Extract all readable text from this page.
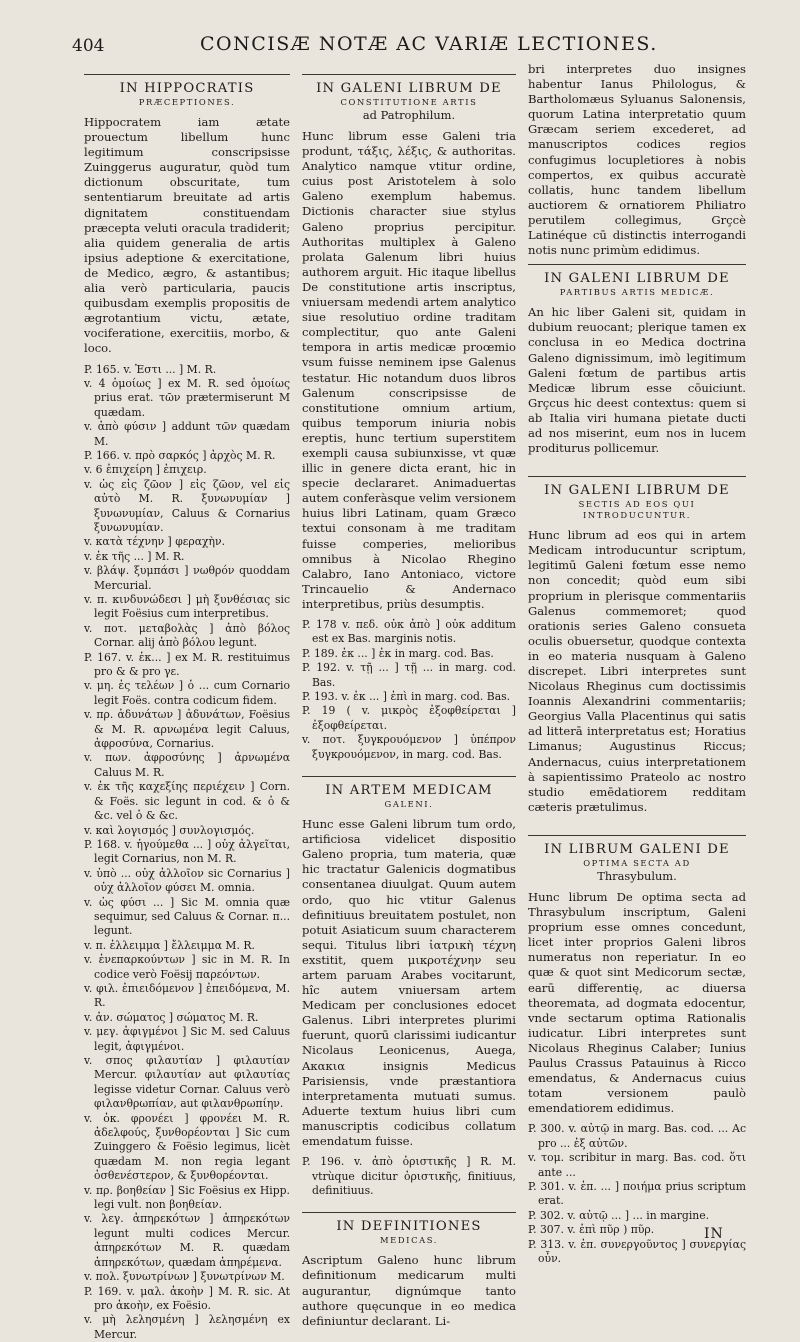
404	CONCISÆ NOTÆ AC VARIÆ LECTIONES.
IN HIPPOCRATIS
PRÆCEPTIONES.

Hippocratem iam ætate prouectum libellum hunc legitimum conscripsisse Zuinggerus auguratur, quòd tum dictionum obscuritate, tum sententiarum breuitate ad artis dignitatem constituendam præcepta veluti oracula tradiderit; alia quidem generalia de artis ipsius adeptione & exercitatione, de Medico, ægro, & astantibus; alia verò particularia, paucis quibusdam exemplis propositis de ægrotantium victu, ætate, vociferatione, exercitiis, morbo, & loco.

P. 165. v. Ἐστι ... ] M. R.

v. 4 ὁμοίως ] ex M. R. sed ὁμοίως prius erat. τῶν prætermiserunt M quædam.

v. ἀπὸ φύσιν ] addunt τῶν quædam M.

P. 166. v. πρὸ σαρκός ] ἀρχὸς M. R.

v. 6 ἐπιχείρη ] ἐπιχειρ.

v. ὡς εἰς ζῶον ] εἰς ζῶον, vel εἰς αὐτὸ M. R. ξυνωνυμίαν ] ξυνωνυμίαν, Caluus & Cornarius ξυνωνυμίαν.

v. κατὰ τέχνην ] φεραχὴν.

v. ἐκ τῆς ... ] M. R.

v. βλάψ. ξυμπάσι ] νωθρόν quoddam Mercurial.

v. π. κινδυνώδεσι ] μὴ ξυνθέσιας sic legit Foësius cum interpretibus.

v. ποτ. μεταβολὰς ] ἀπὸ βόλος Cornar. alij ἀπὸ βόλου legunt.

P. 167. v. ἐκ... ] ex M. R. restituimus pro & & pro γε.

v. μη. ἐς τελέων ] ὁ ... cum Cornario legit Foës. contra codicum fidem.

v. πρ. ἀδυνάτων ] ἀδυνάτων, Foësius & M. R. αρνωμένα legit Caluus, ἀφροσύνα, Cornarius.

v. πων. ἀφροσύνης ] ἀρνωμένα Caluus M. R.

v. ἐκ τῆς καχεξίης περιέχειν ] Corn. & Foës. sic legunt in cod. & ὁ & &c. vel ὁ & &c.

v. καὶ λογισμός ] συνλογισμός.

P. 168. v. ἡγούμεθα ... ] οὐχ ἀλγεῖται, legit Cornarius, non M. R.

v. ὑπὸ ... οὐχ ἀλλοῖον sic Cornarius ] οὐχ ἀλλοῖον φύσει M. omnia.

v. ὡς φύσι ... ] Sic M. omnia quæ sequimur, sed Caluus & Cornar. π... legunt.

v. π. ἐλλειμμα ] ἔλλειμμα M. R.

v. ἐνεπαρκούντων ] sic in M. R. In codice verò Foësij παρεόντων.

v. φιλ. ἐπιειδόμενον ] ἐπειδόμενα, M. R.

v. ἀν. σώματος ] σώματος M. R.

v. μεγ. ἀφιγμένοι ] Sic M. sed Caluus legit, ἀφιγμένοι.

v. σπος φιλαυτίαν ] φιλαυτίαν Mercur. φιλαυτίαν aut φιλαυτίας legisse videtur Cornar. Caluus verò φιλανθρωπίαν, aut φιλανθρωπίην.

v. ὁκ. φρονέει ] φρονέει M. R. ἀδελφούς, ξυνθορέονται ] Sic cum Zuinggero & Foësio legimus, licèt quædam M. non regia legant ὀσθενέστερον, & ξυνθορέονται.

v. πρ. βοηθείαν ] Sic Foësius ex Hipp. legi vult. non βοηθείαν.

v. λεγ. ἀπηρεκότων ] ἀπηρεκότων legunt multi codices Mercur. ἀπηρεκότων M. R. quædam ἀπηρεκότων, quædam ἀπηρέμενα.

v. πολ. ξυνωτρίνων ] ξυνωτρίνων M.

P. 169. v. μαλ. ἀκοὴν ] M. R. sic. At pro ἀκοὴν, ex Foësio.

v. μὴ λελησμένη ] λελησμένη ex Mercur.

IN GALENI LIBRUM DE
CONSTITUTIONE ARTIS
ad Patrophilum.

Hunc librum esse Galeni tria produnt, τάξις, λέξις, & authoritas. Analytico namque vtitur ordine, cuius post Aristotelem à solo Galeno exemplum habemus. Dictionis character siue stylus Galeno proprius percipitur. Authoritas multiplex à Galeno prolata Galenum libri huius authorem arguit. Hic itaque libellus De constitutione artis inscriptus, vniuersam medendi artem analytico siue resolutiuo ordine traditam complectitur, quo ante Galeni tempora in artis medicæ proœmio vsum fuisse neminem ipse Galenus testatur. Hic notandum duos libros Galenum conscripsisse de constitutione omnium artium, quibus temporum iniuria nobis ereptis, hunc tertium superstitem exempli causa subiunxisse, vt quæ illic in genere dicta erant, hic in specie declararet. Animaduertas autem conferàsque velim versionem huius libri Latinam, quam Græco textui consonam à me traditam fuisse comperies, melioribus omnibus à Nicolao Rhegino Calabro, Iano Antoniaco, victore Trincauelio & Andernaco interpretibus, priùs desumptis.

P. 178 v. πεδ. οὐκ ἀπὸ ] οὐκ additum est ex Bas. marginis notis.

P. 189. ἐκ ... ] ἐκ in marg. cod. Bas.

P. 192. v. τῇ ... ] τῇ ... in marg. cod. Bas.

P. 193. v. ἐκ ... ] ἐπὶ in marg. cod. Bas.

P. 19 ( v. μικρὸς ἐξοφθείρεται ] ἐξοφθείρεται.

v. ποτ. ξυγκρουόμενον ] ὑπέπρον ξυγκρουόμενον, in marg. cod. Bas.

IN ARTEM MEDICAM
GALENI.

Hunc esse Galeni librum tum ordo, artificiosa videlicet dispositio Galeno propria, tum materia, quæ hic tractatur Galenicis dogmatibus consentanea diuulgat. Quum autem ordo, quo hic vtitur Galenus definitiuus breuitatem postulet, non potuit Asiaticum suum characterem sequi. Titulus libri ἰατρικὴ τέχνη exstitit, quem μικροτέχνην seu artem paruam Arabes vocitarunt, hîc autem vniuersam artem Medicam per conclusiones edocet Galenus. Libri interpretes plurimi fuerunt, quorū clarissimi iudicantur Nicolaus Leonicenus, Auega, Ακακια insignis Medicus Parisiensis, vnde præstantiora interpretamenta mutuati sumus. Aduerte textum huius libri cum manuscriptis codicibus collatum emendatum fuisse.

P. 196. v. ἀπὸ ὁριστικῆς ] R. M. vtrùque dicitur ὁριστικῆς, finitiuus, definitiuus.

IN DEFINITIONES
MEDICAS.

Ascriptum Galeno hunc librum definitionum medicarum multi augurantur, dignúmque tanto authore quęcunque in eo medica definiuntur declarant. Li-

bri interpretes duo insignes habentur Ianus Philologus, & Bartholomæus Syluanus Salonensis, quorum Latina interpretatio quum Græcam seriem excederet, ad manuscriptos codices regios confugimus locupletiores à nobis compertos, ex quibus accuratè collatis, hunc tandem libellum auctiorem & ornatiorem Philiatro perutilem collegimus, Grçcè Latinéque cū distinctis interrogandi notis nunc primùm edidimus.

IN GALENI LIBRUM DE
PARTIBUS ARTIS MEDICÆ.

An hic liber Galeni sit, quidam in dubium reuocant; plerique tamen ex conclusa in eo Medica doctrina Galeno dignissimum, imò legitimum Galeni fœtum de partibus artis Medicæ librum esse cōuiciunt. Grçcus hic deest contextus: quem si ab Italia viri humana pietate ducti ad nos miserint, eum nos in lucem proditurus pollicemur.

IN GALENI LIBRUM DE
SECTIS AD EOS QUI INTRODUCUNTUR.

Hunc librum ad eos qui in artem Medicam introducuntur scriptum, legitimū Galeni fœtum esse nemo non concedit; quòd eum sibi proprium in plerisque commentariis Galenus commemoret; quod orationis series Galeno consueta oculis obuersetur, quodque contexta in eo materia nusquam à Galeno discrepet. Libri interpretes sunt Nicolaus Rheginus cum doctissimis Ioannis Alexandrini commentariis; Georgius Valla Placentinus qui satis ad litterā interpretatus est; Horatius Limanus; Augustinus Riccus; Andernacus, cuius interpretationem à sapientissimo Prateolo ac nostro studio emēdatiorem redditam cæteris prætulimus.

IN LIBRUM GALENI DE
OPTIMA SECTA AD
Thrasybulum.

Hunc librum De optima secta ad Thrasybulum inscriptum, Galeni proprium esse omnes concedunt, licet inter proprios Galeni libros numeratus non reperiatur. In eo quæ & quot sint Medicorum sectæ, earū differentię, ac diuersa theoremata, ad dogmata edocentur, vnde sectarum optima Rationalis iudicatur. Libri interpretes sunt Nicolaus Rheginus Calaber; Iunius Paulus Crassus Patauinus à Ricco emendatus, & Andernacus cuius totam versionem paulò emendatiorem edidimus.

P. 300. v. αὐτῷ in marg. Bas. cod. ... Ac pro ... ἐξ αὐτῶν.

v. τομ. scribitur in marg. Bas. cod. ὅτι ante ...

P. 301. v. ἐπ. ... ] ποιήμα prius scriptum erat.

P. 302. v. αὐτῷ ... ] ... in margine.

P. 307. v. ἐπὶ πῦρ ) πῦρ.

P. 313. v. ἐπ. συνεργοῦντος ] συνεργίας οὖν.

IN
